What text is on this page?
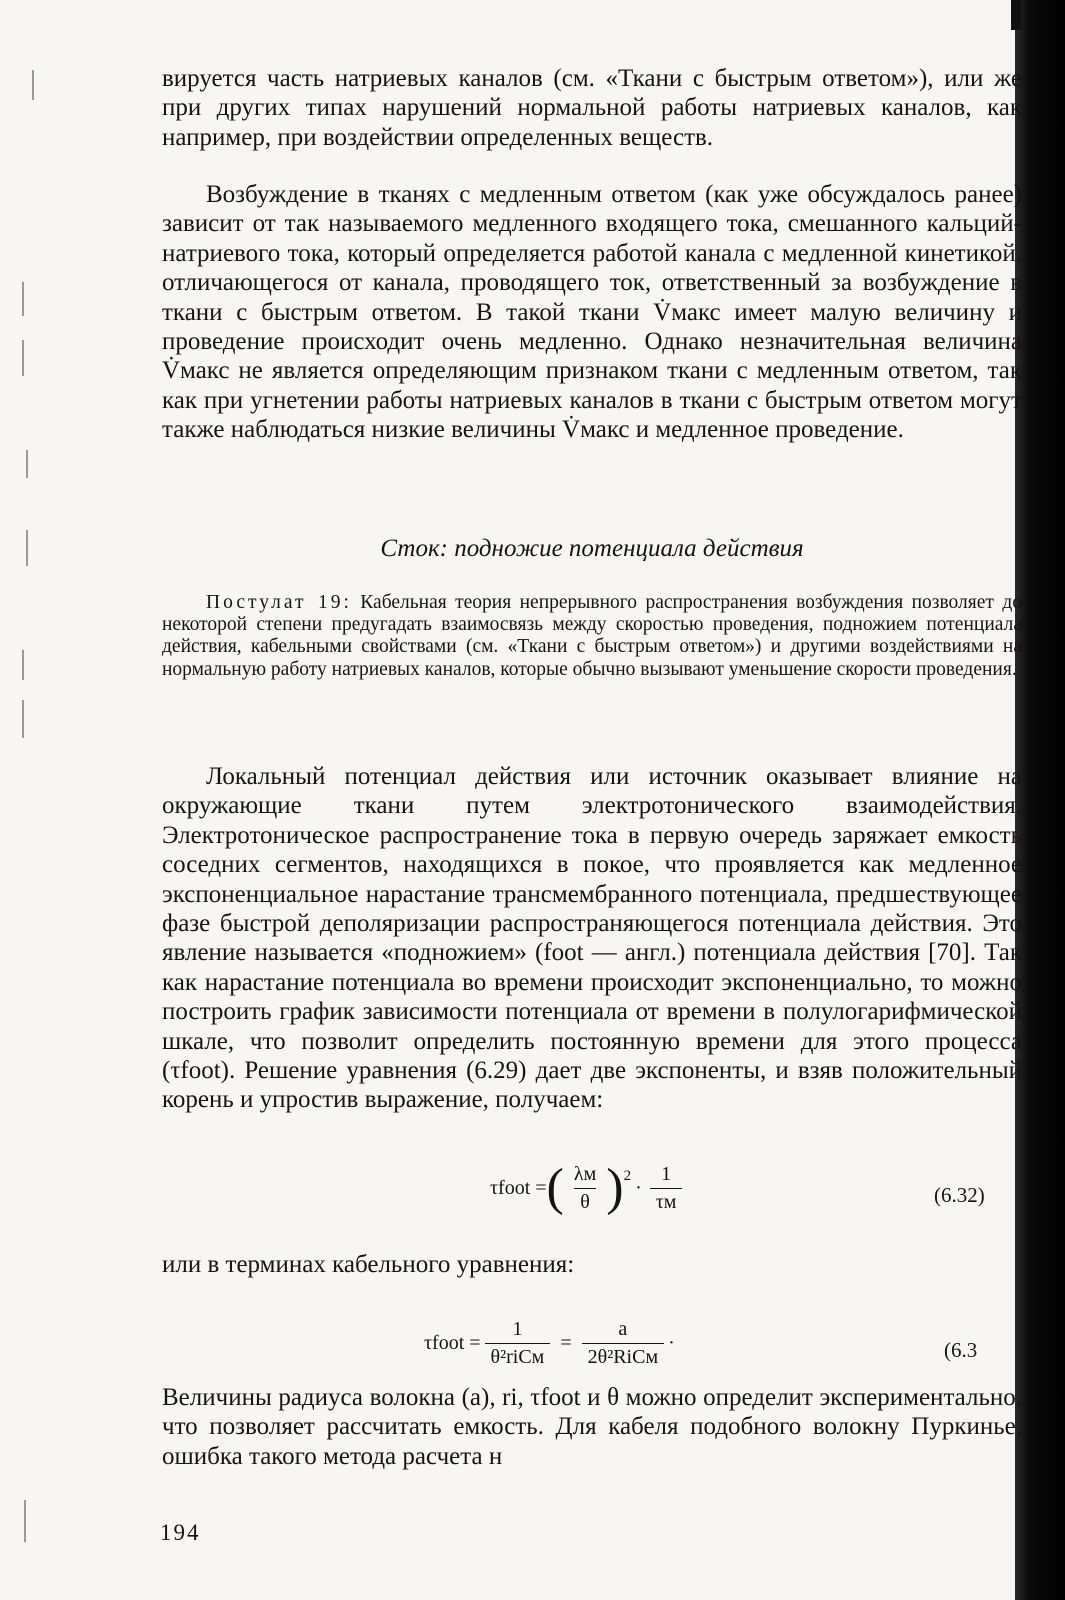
вируется часть натриевых каналов (см. «Ткани с быстрым ответом»), или же при других типах нарушений нормальной работы натриевых каналов, как например, при воздействии определенных веществ.

Возбуждение в тканях с медленным ответом (как уже обсуждалось ранее) зависит от так называемого медленного входящего тока, смешанного кальций-натриевого тока, который определяется работой канала с медленной кинетикой, отличающегося от канала, проводящего ток, ответственный за возбуждение в ткани с быстрым ответом. В такой ткани V̇макс имеет малую величину и проведение происходит очень медленно. Однако незначительная величина V̇макс не является определяющим признаком ткани с медленным ответом, так как при угнетении работы натриевых каналов в ткани с быстрым ответом могут также наблюдаться низкие величины V̇макс и медленное проведение.

Сток: подножие потенциала действия

Постулат 19: Кабельная теория непрерывного распространения возбуждения позволяет до некоторой степени предугадать взаимосвязь между скоростью проведения, подножием потенциала действия, кабельными свойствами (см. «Ткани с быстрым ответом») и другими воздействиями на нормальную работу натриевых каналов, которые обычно вызывают уменьшение скорости проведения.

Локальный потенциал действия или источник оказывает влияние на окружающие ткани путем электротонического взаимодействия. Электротоническое распространение тока в первую очередь заряжает емкость соседних сегментов, находящихся в покое, что проявляется как медленное экспоненциальное нарастание трансмембранного потенциала, предшествующее фазе быстрой деполяризации распространяющегося потенциала действия. Это явление называется «подножием» (foot — англ.) потенциала действия [70]. Так как нарастание потенциала во времени происходит экспоненциально, то можно построить график зависимости потенциала от времени в полулогарифмической шкале, что позволит определить постоянную времени для этого процесса (τfoot). Решение уравнения (6.29) дает две экспоненты, и взяв положительный корень и упростив выражение, получаем:

τfoot = ( $\frac{\lambda м}{\theta}$ ) 2
· $\frac{1}{\tau м}$	(6.32)

или в терминах кабельного уравнения:

τfoot = $\frac{1}{\text{θ²riCм}} = \frac{a}{\text{2θ²RiCм}}$ ·	(6.3

Величины радиуса волокна (a), ri, τfoot и θ можно определит экспериментально, что позволяет рассчитать емкость. Для кабеля подобного волокну Пуркинье, ошибка такого метода расчета н

194
